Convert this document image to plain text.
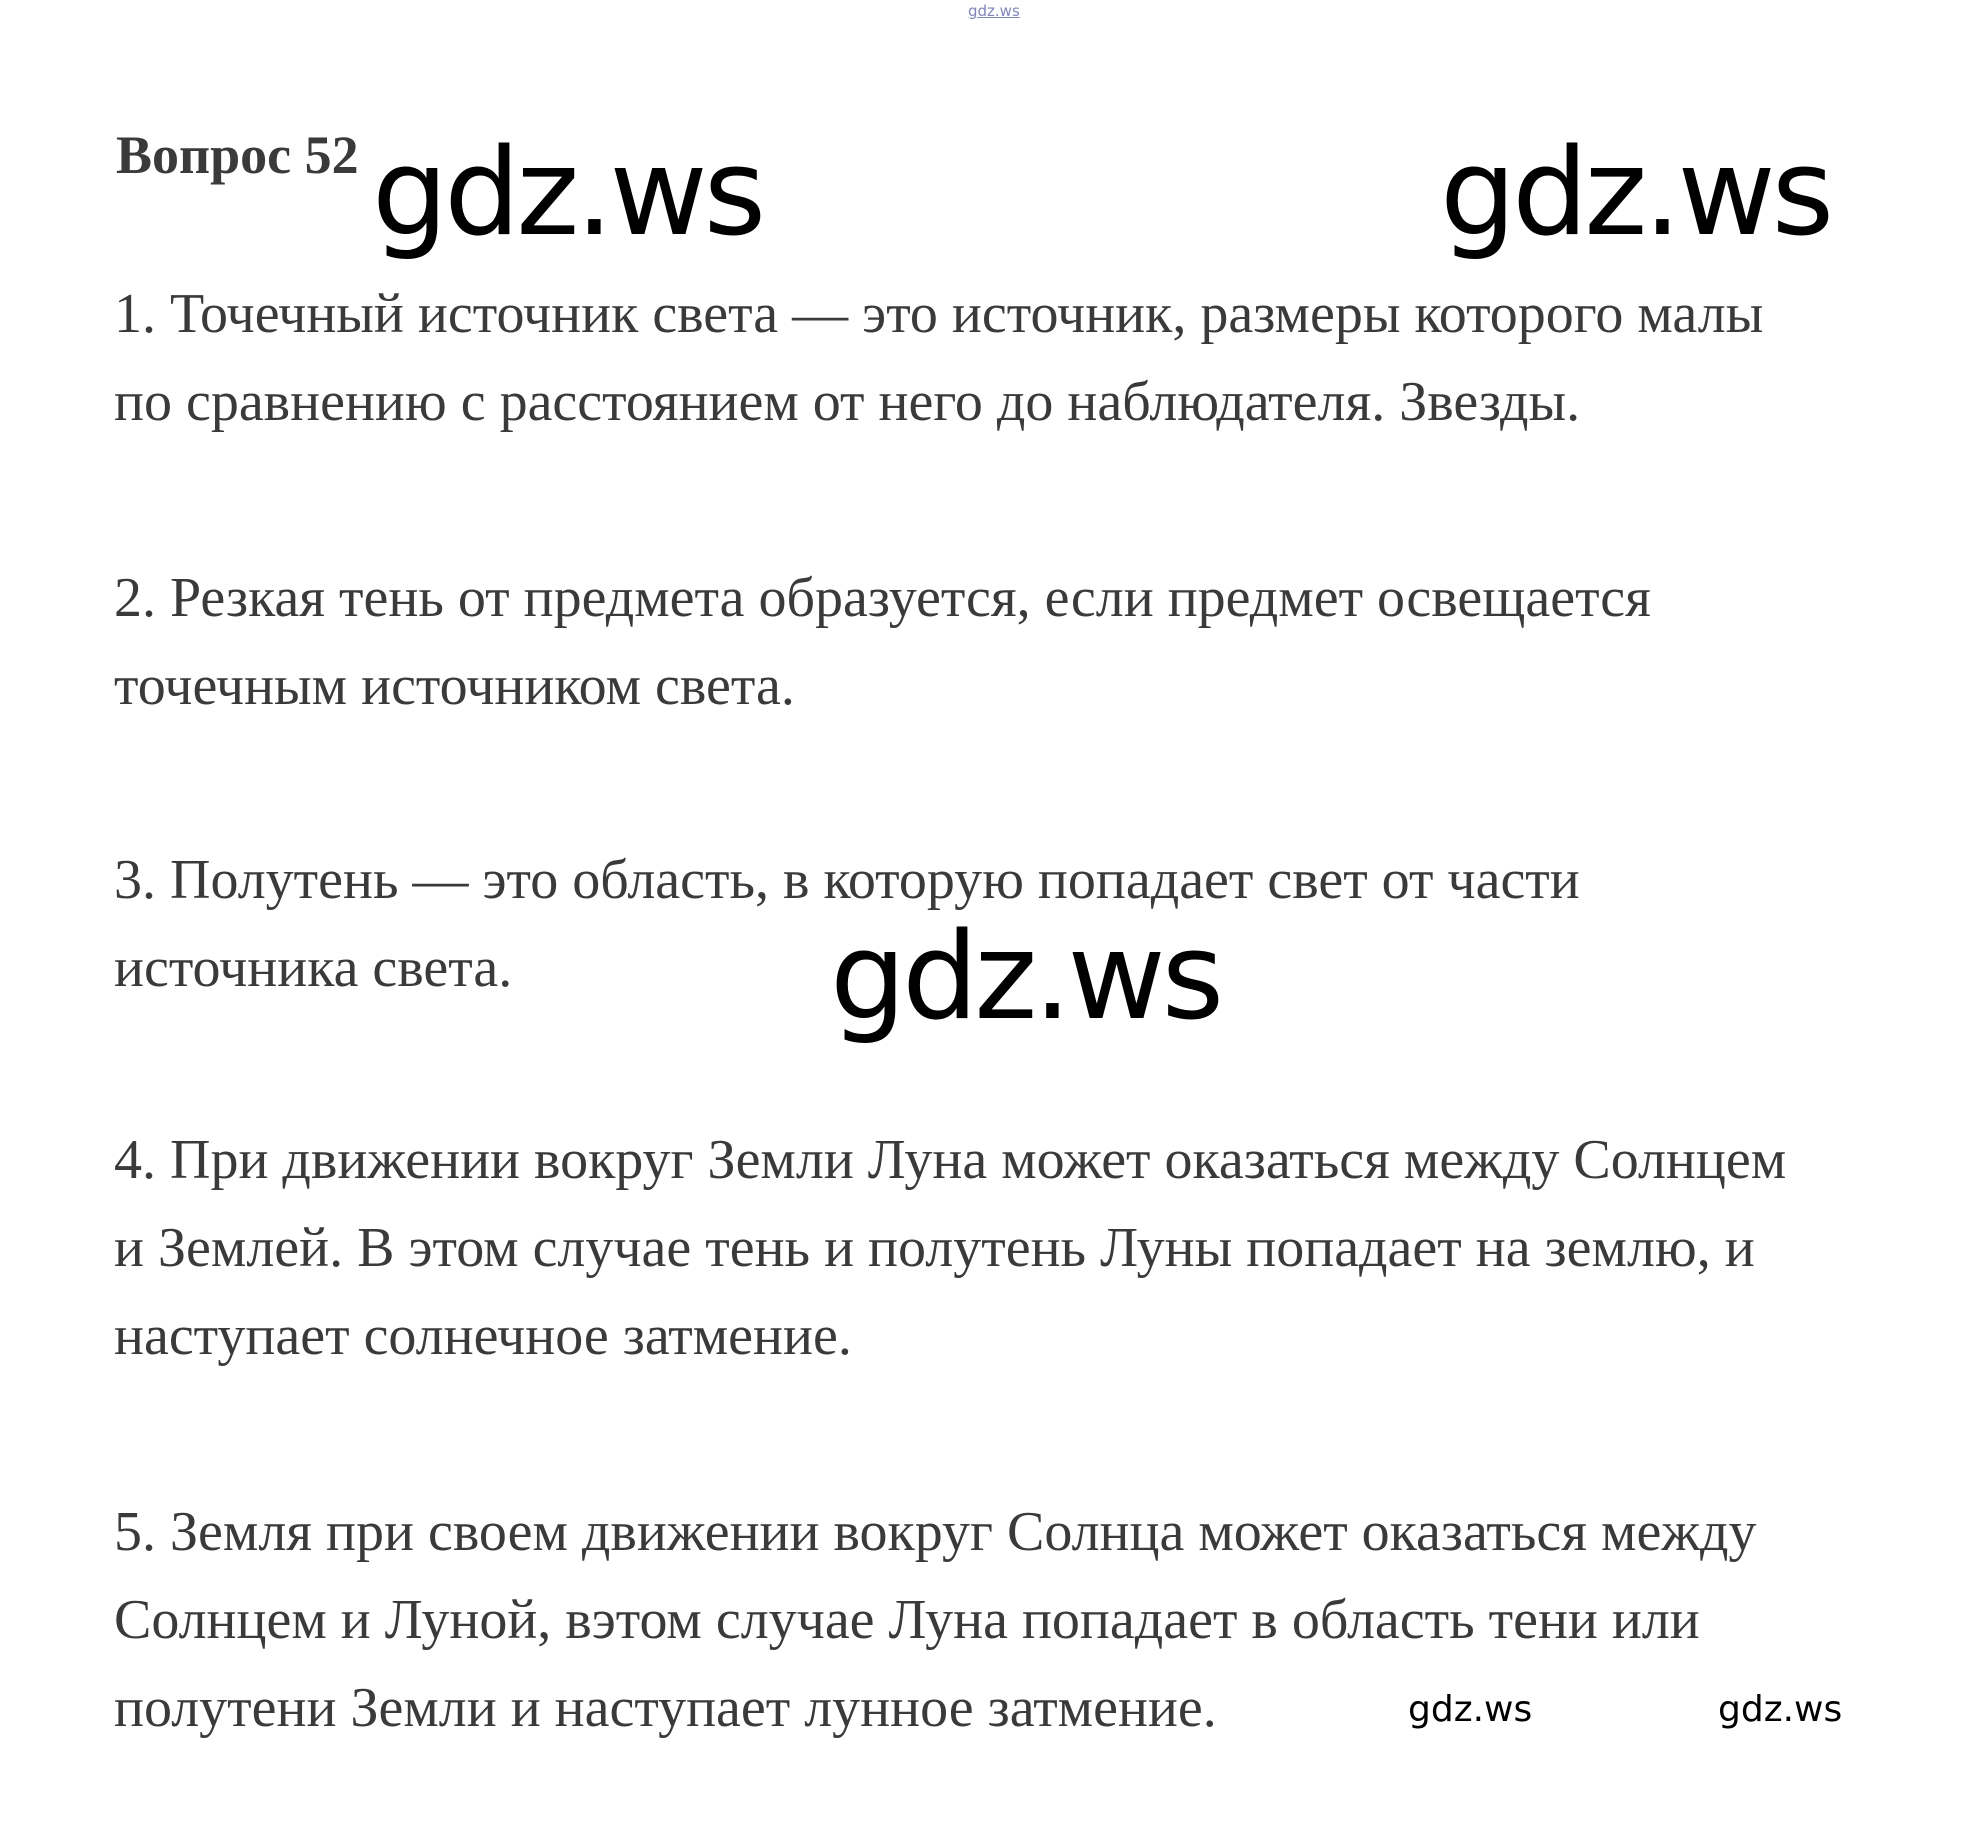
gdz.ws
Вопрос 52 gdz.ws	gdz.ws

1. Точечный источник света — это источник, размеры которого малы
по сравнению с расстоянием от него до наблюдателя. Звезды.

2. Резкая тень от предмета образуется, если предмет освещается
точечным источником света.

3. Полутень — это область, в которую попадает свет от части
источника света.

4. При движении вокруг Земли Луна может оказаться между Солнцем
и Землей. В этом случае тень и полутень Луны попадает на землю, и
наступает солнечное затмение.

5. Земля при своем движении вокруг Солнца может оказаться между
Солнцем и Луной, вэтом случае Луна попадает в область тени или
полутени Земли и наступает лунное затмение.

gdz.ws
gdz.ws	gdz.ws
